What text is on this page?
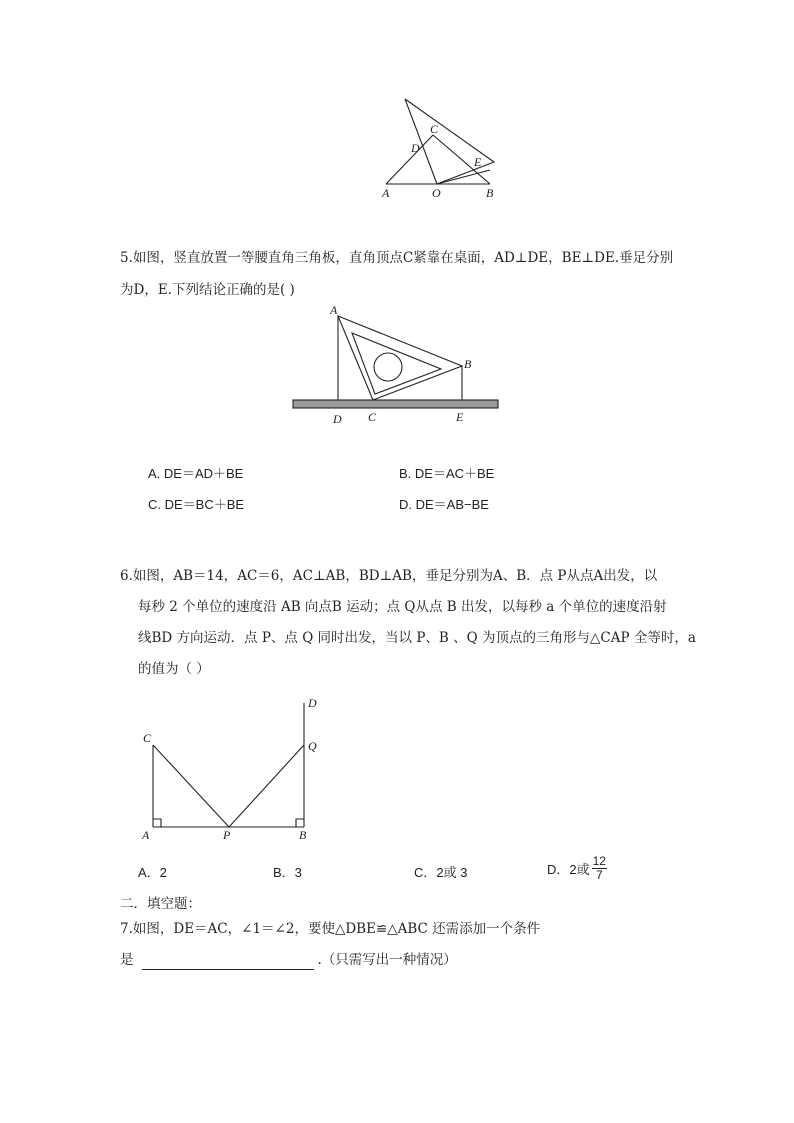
C
D
E
A	O	B
5.如图，竖直放置一等腰直角三角板，直角顶点C紧靠在桌面，AD⊥DE，BE⊥DE.垂足分别
为D，E.下列结论正确的是( )
A
B
D C	E
A. DE＝AD＋BE	B. DE＝AC＋BE
C. DE＝BC＋BE	D. DE＝AB−BE
6.如图，AB＝14，AC＝6，AC⊥AB，BD⊥AB，垂足分别为A、B．点 P从点A出发，以
每秒 2 个单位的速度沿 AB 向点B 运动；点 Q从点 B 出发，以每秒 a 个单位的速度沿射
线BD 方向运动．点 P、点 Q 同时出发，当以 P、B 、Q 为顶点的三角形与△CAP 全等时，a
的值为（ ）
D
C
Q
A	P	B
A．2	B．3	C．2或 3	D．2或 $\frac{12}{7}$
二．填空题：
7.如图，DE＝AC，∠1＝∠2，要使△DBE≌△ABC 还需添加一个条件
是	.（只需写出一种情况）
